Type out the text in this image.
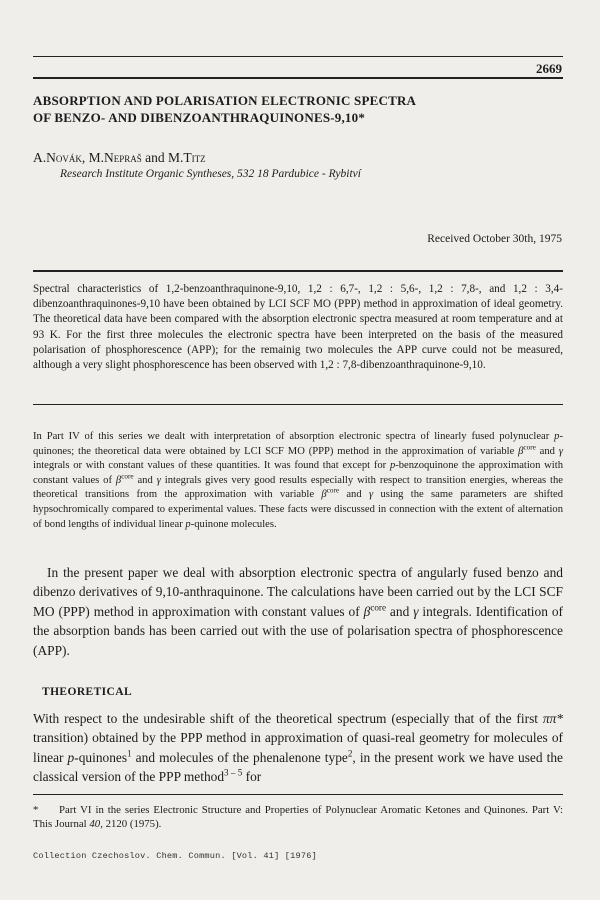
2669
ABSORPTION AND POLARISATION ELECTRONIC SPECTRA
OF BENZO- AND DIBENZOANTHRAQUINONES-9,10*
A.Novák, M.Nepraš and M.Titz
Research Institute Organic Syntheses, 532 18 Pardubice - Rybitví
Received October 30th, 1975
Spectral characteristics of 1,2-benzoanthraquinone-9,10, 1,2 : 6,7-, 1,2 : 5,6-, 1,2 : 7,8-, and 1,2 : 3,4-dibenzoanthraquinones-9,10 have been obtained by LCI SCF MO (PPP) method in approximation of ideal geometry. The theoretical data have been compared with the absorption electronic spectra measured at room temperature and at 93 K. For the first three molecules the electronic spectra have been interpreted on the basis of the measured polarisation of phosphorescence (APP); for the remainig two molecules the APP curve could not be measured, although a very slight phosphorescence has been observed with 1,2 : 7,8-dibenzoanthraquinone-9,10.
In Part IV of this series we dealt with interpretation of absorption electronic spectra of linearly fused polynuclear p-quinones; the theoretical data were obtained by LCI SCF MO (PPP) method in the approximation of variable $\beta^{core}$ and γ integrals or with constant values of these quantities. It was found that except for p-benzoquinone the approximation with constant values of $\beta^{core}$ and γ integrals gives very good results especially with respect to transition energies, whereas the theoretical transitions from the approximation with variable $\beta^{core}$ and γ using the same parameters are shifted hypsochromically compared to experimental values. These facts were discussed in connection with the extent of alternation of bond lengths of individual linear p-quinone molecules.
In the present paper we deal with absorption electronic spectra of angularly fused benzo and dibenzo derivatives of 9,10-anthraquinone. The calculations have been carried out by the LCI SCF MO (PPP) method in approximation with constant values of $\beta^{core}$ and γ integrals. Identification of the absorption bands has been carried out with the use of polarisation spectra of phosphorescence (APP).
THEORETICAL
With respect to the undesirable shift of the theoretical spectrum (especially that of the first ππ* transition) obtained by the PPP method in approximation of quasi-real geometry for molecules of linear p-quinones$^1$ and molecules of the phenalenone type$^2$, in the present work we have used the classical version of the PPP method$^{3 - 5}$ for
* Part VI in the series Electronic Structure and Properties of Polynuclear Aromatic Ketones and Quinones. Part V: This Journal 40, 2120 (1975).
Collection Czechoslov. Chem. Commun. [Vol. 41] [1976]
